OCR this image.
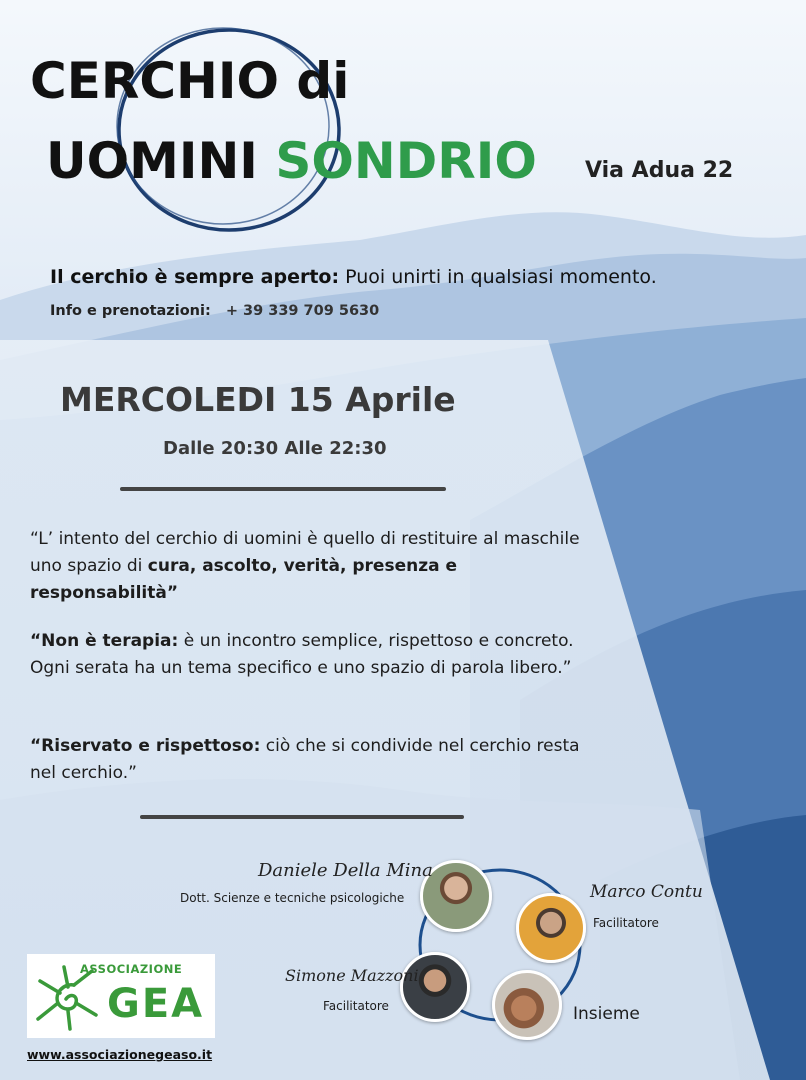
CERCHIO di
UOMINI SONDRIO Via Adua 22
Il cerchio è sempre aperto: Puoi unirti in qualsiasi momento.
Info e prenotazioni: + 39 339 709 5630
MERCOLEDI 15 Aprile
Dalle 20:30 Alle 22:30
“L’ intento del cerchio di uomini è quello di restituire al maschile uno spazio di cura, ascolto, verità, presenza e responsabilità”
“Non è terapia: è un incontro semplice, rispettoso e concreto. Ogni serata ha un tema specifico e uno spazio di parola libero.”
“Riservato e rispettoso: ciò che si condivide nel cerchio resta nel cerchio.”
Daniele Della Mina
Dott. Scienze e tecniche psicologiche	Marco Contu
Facilitatore
Simone Mazzoni
Facilitatore	Insieme
ASSOCIAZIONE
GEA
www.associazionegeaso.it
